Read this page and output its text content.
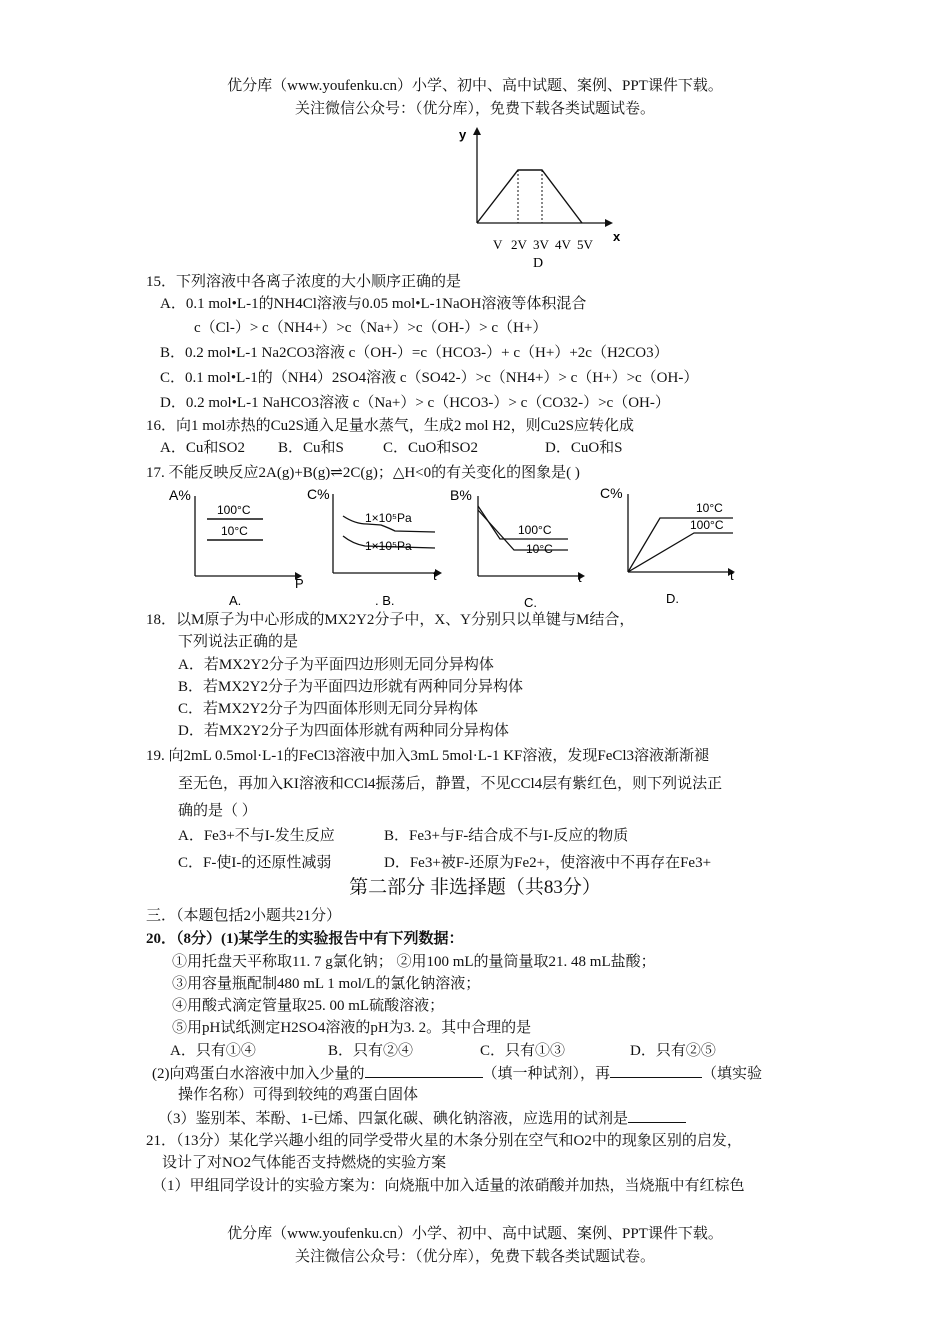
优分库（www.youfenku.cn）小学、初中、高中试题、案例、PPT课件下载。
关注微信公众号：（优分库），免费下载各类试题试卷。
y
x
V 2V 3V 4V 5V
D
15．下列溶液中各离子浓度的大小顺序正确的是
A．0.1 mol•L-1的NH4Cl溶液与0.05 mol•L-1NaOH溶液等体积混合
c（Cl-）> c（NH4+）>c（Na+）>c（OH-）> c（H+）
B．0.2 mol•L-1 Na2CO3溶液 c（OH-）=c（HCO3-）+ c（H+）+2c（H2CO3）
C．0.1 mol•L-1的（NH4）2SO4溶液 c（SO42-）>c（NH4+）> c（H+）>c（OH-）
D．0.2 mol•L-1 NaHCO3溶液 c（Na+）> c（HCO3-）> c（CO32-）>c（OH-）
16．向1 mol赤热的Cu2S通入足量水蒸气，生成2 mol H2，则Cu2S应转化成
A．Cu和SO2 B．Cu和S	C．CuO和SO2	D．CuO和S
17. 不能反映反应2A(g)+B(g)⇌2C(g)；△H<0的有关变化的图象是( )
A%
P
100°C
10°C
A.
C%
t
1×10⁵Pa
1×10⁵Pa
. B.
B%
t
100°C
10°C
C.
C%
t
10°C
100°C
D.
18．以M原子为中心形成的MX2Y2分子中，X、Y分别只以单键与M结合，
下列说法正确的是
A．若MX2Y2分子为平面四边形则无同分异构体
B．若MX2Y2分子为平面四边形就有两种同分异构体
C．若MX2Y2分子为四面体形则无同分异构体
D．若MX2Y2分子为四面体形就有两种同分异构体
19. 向2mL 0.5mol·L-1的FeCl3溶液中加入3mL 5mol·L-1 KF溶液，发现FeCl3溶液渐渐褪
至无色，再加入KI溶液和CCl4振荡后，静置，不见CCl4层有紫红色，则下列说法正
确的是（ ）
A．Fe3+不与I-发生反应	B．Fe3+与F-结合成不与I-反应的物质
C．F-使I-的还原性减弱	D．Fe3+被F-还原为Fe2+，使溶液中不再存在Fe3+
第二部分 非选择题（共83分）
三．（本题包括2小题共21分）
20．（8分）(1)某学生的实验报告中有下列数据：
①用托盘天平称取11. 7 g氯化钠； ②用100 mL的量筒量取21. 48 mL盐酸；
③用容量瓶配制480 mL 1 mol/L的氯化钠溶液；
④用酸式滴定管量取25. 00 mL硫酸溶液；
⑤用pH试纸测定H2SO4溶液的pH为3. 2。其中合理的是
A．只有①④	B．只有②④	C．只有①③	D．只有②⑤
(2)向鸡蛋白水溶液中加入少量的	（填一种试剂），再	（填实验
操作名称）可得到较纯的鸡蛋白固体
（3）鉴别苯、苯酚、1-已烯、四氯化碳、碘化钠溶液，应选用的试剂是
21．（13分）某化学兴趣小组的同学受带火星的木条分别在空气和O2中的现象区别的启发，
设计了对NO2气体能否支持燃烧的实验方案
（1）甲组同学设计的实验方案为：向烧瓶中加入适量的浓硝酸并加热，当烧瓶中有红棕色
优分库（www.youfenku.cn）小学、初中、高中试题、案例、PPT课件下载。
关注微信公众号：（优分库），免费下载各类试题试卷。
